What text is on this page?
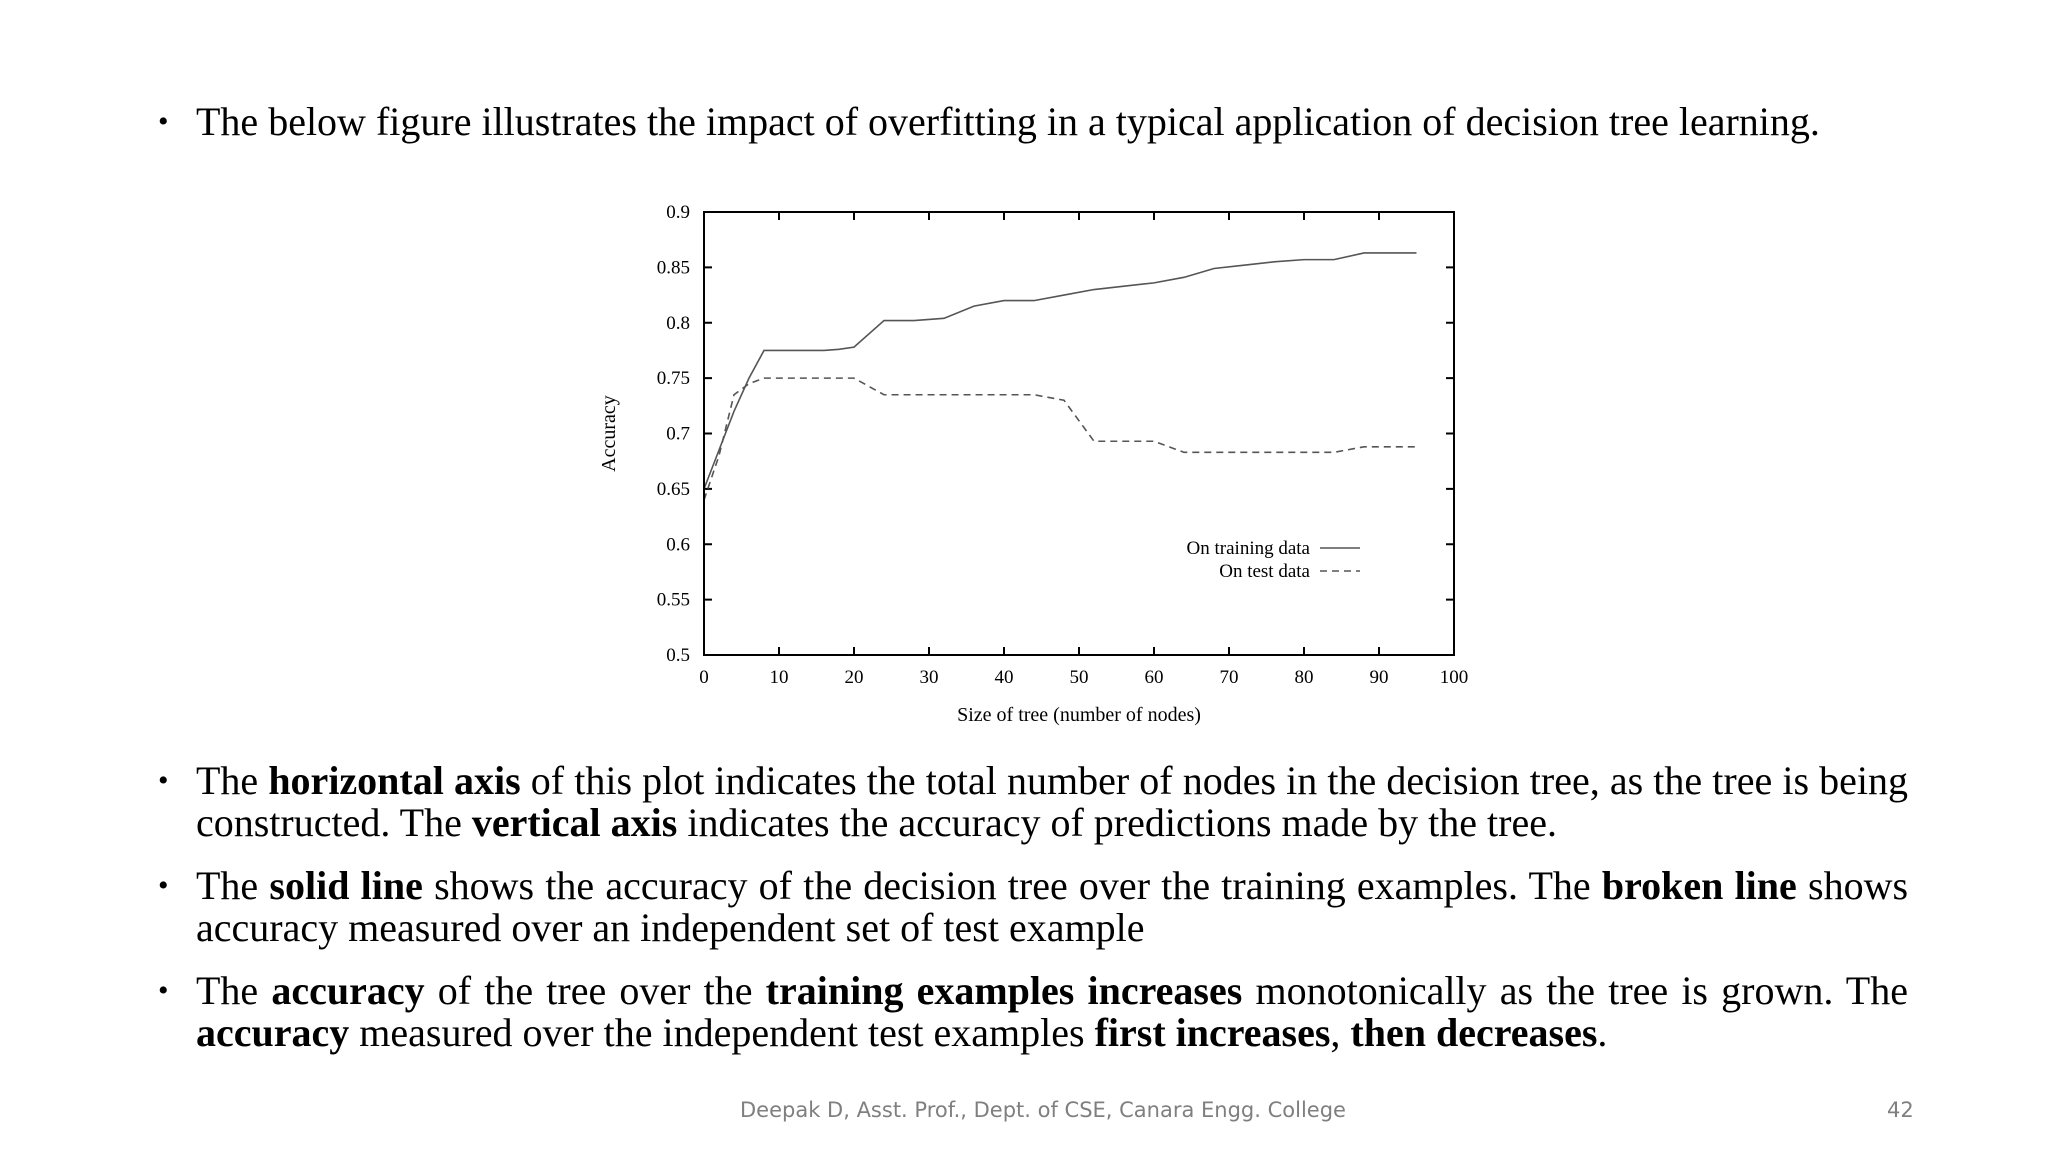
• The below figure illustrates the impact of overfitting in a typical application of decision tree learning.
0.5
0.55
0.6
0.65
0.7
0.75
0.8
0.85
0.9
0	10	20	30	40	50	60	70	80	90	100
Size of tree (number of nodes)
Accuracy
On training data
On test data
• The horizontal axis of this plot indicates the total number of nodes in the decision tree, as the tree is being constructed. The vertical axis indicates the accuracy of predictions made by the tree.
• The solid line shows the accuracy of the decision tree over the training examples. The broken line shows accuracy measured over an independent set of test example
• The accuracy of the tree over the training examples increases monotonically as the tree is grown. The accuracy measured over the independent test examples first increases, then decreases.
Deepak D, Asst. Prof., Dept. of CSE, Canara Engg. College	42
